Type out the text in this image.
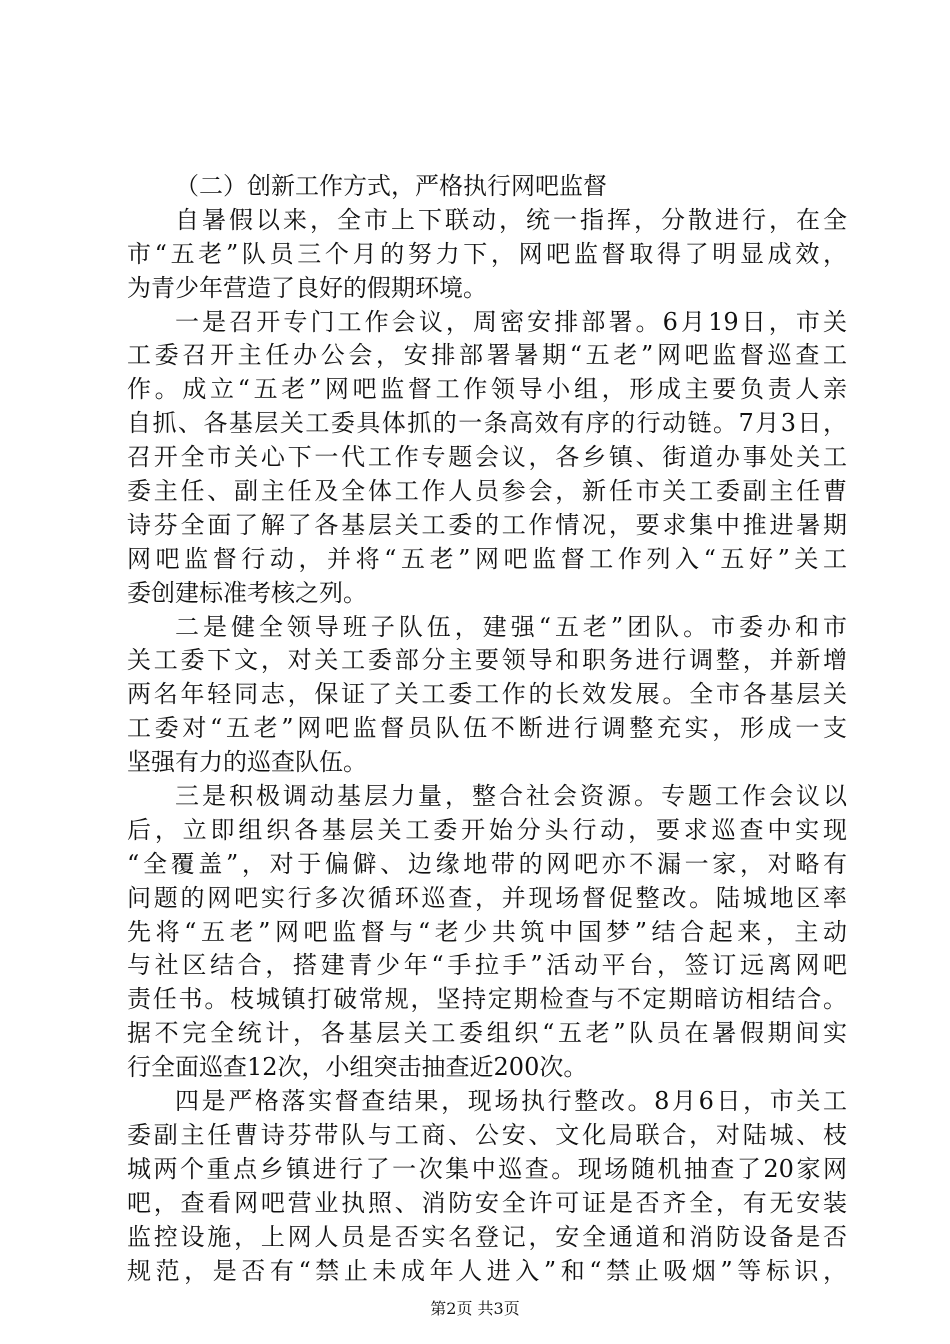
（二）创新工作方式，严格执行网吧监督
自暑假以来，全市上下联动，统一指挥，分散进行，在全
市“五老”队员三个月的努力下，网吧监督取得了明显成效，
为青少年营造了良好的假期环境。
一是召开专门工作会议，周密安排部署。6月19日，市关
工委召开主任办公会，安排部署暑期“五老”网吧监督巡查工
作。成立“五老”网吧监督工作领导小组，形成主要负责人亲
自抓、各基层关工委具体抓的一条高效有序的行动链。7月3日，
召开全市关心下一代工作专题会议，各乡镇、街道办事处关工
委主任、副主任及全体工作人员参会，新任市关工委副主任曹
诗芬全面了解了各基层关工委的工作情况，要求集中推进暑期
网吧监督行动，并将“五老”网吧监督工作列入“五好”关工
委创建标准考核之列。
二是健全领导班子队伍，建强“五老”团队。市委办和市
关工委下文，对关工委部分主要领导和职务进行调整，并新增
两名年轻同志，保证了关工委工作的长效发展。全市各基层关
工委对“五老”网吧监督员队伍不断进行调整充实，形成一支
坚强有力的巡查队伍。
三是积极调动基层力量，整合社会资源。专题工作会议以
后，立即组织各基层关工委开始分头行动，要求巡查中实现
“全覆盖”，对于偏僻、边缘地带的网吧亦不漏一家，对略有
问题的网吧实行多次循环巡查，并现场督促整改。陆城地区率
先将“五老”网吧监督与“老少共筑中国梦”结合起来，主动
与社区结合，搭建青少年“手拉手”活动平台，签订远离网吧
责任书。枝城镇打破常规，坚持定期检查与不定期暗访相结合。
据不完全统计，各基层关工委组织“五老”队员在暑假期间实
行全面巡查12次，小组突击抽查近200次。
四是严格落实督查结果，现场执行整改。8月6日，市关工
委副主任曹诗芬带队与工商、公安、文化局联合，对陆城、枝
城两个重点乡镇进行了一次集中巡查。现场随机抽查了20家网
吧，查看网吧营业执照、消防安全许可证是否齐全，有无安装
监控设施，上网人员是否实名登记，安全通道和消防设备是否
规范，是否有“禁止未成年人进入”和“禁止吸烟”等标识，
第2页 共3页
